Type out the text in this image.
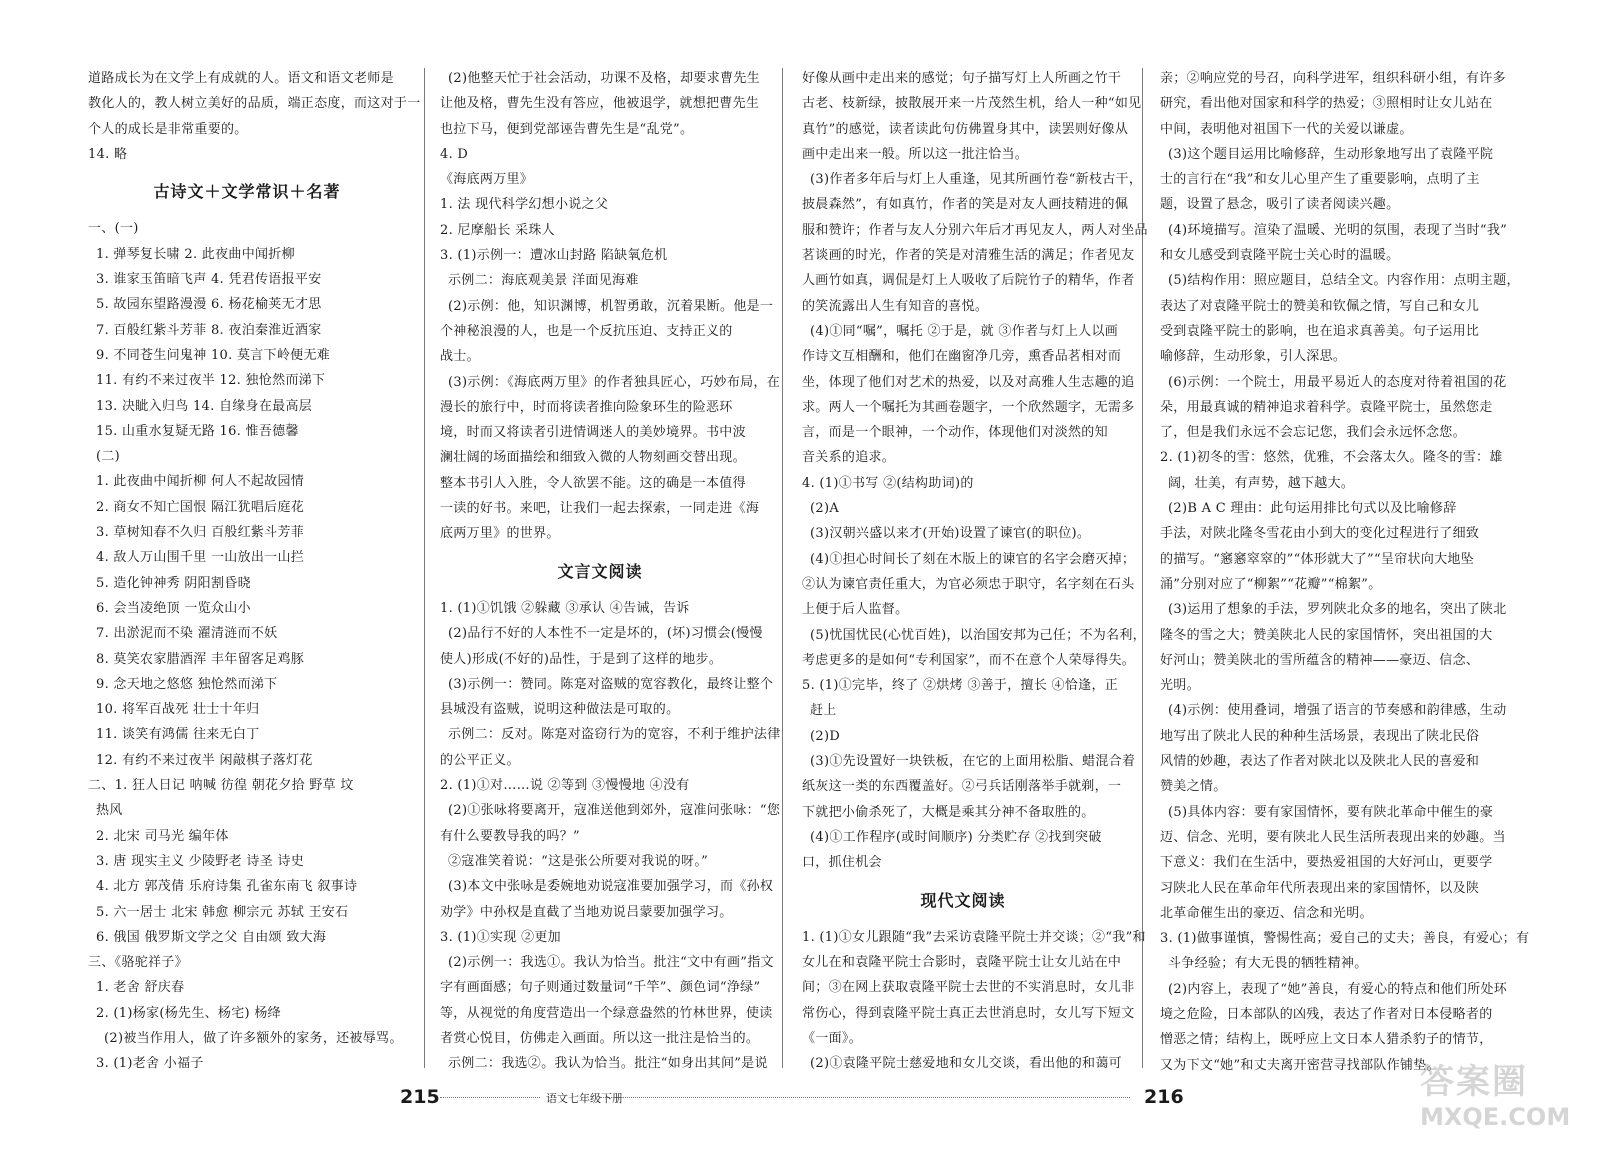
道路成长为在文学上有成就的人。语文和语文老师是
教化人的，教人树立美好的品质，端正态度，而这对于一
个人的成长是非常重要的。
14. 略
古诗文＋文学常识＋名著
一、(一)
1. 弹琴复长啸 2. 此夜曲中闻折柳
3. 谁家玉笛暗飞声 4. 凭君传语报平安
5. 故园东望路漫漫 6. 杨花榆荚无才思
7. 百般红紫斗芳菲 8. 夜泊秦淮近酒家
9. 不同苍生问鬼神 10. 莫言下岭便无难
11. 有约不来过夜半 12. 独怆然而涕下
13. 决眦入归鸟 14. 自缘身在最高层
15. 山重水复疑无路 16. 惟吾德馨
(二)
1. 此夜曲中闻折柳 何人不起故园情
2. 商女不知亡国恨 隔江犹唱后庭花
3. 草树知春不久归 百般红紫斗芳菲
4. 敌人万山围千里 一山放出一山拦
5. 造化钟神秀 阴阳割昏晓
6. 会当凌绝顶 一览众山小
7. 出淤泥而不染 濯清涟而不妖
8. 莫笑农家腊酒浑 丰年留客足鸡豚
9. 念天地之悠悠 独怆然而涕下
10. 将军百战死 壮士十年归
11. 谈笑有鸿儒 往来无白丁
12. 有约不来过夜半 闲敲棋子落灯花
二、1. 狂人日记 呐喊 彷徨 朝花夕拾 野草 坟
热风
2. 北宋 司马光 编年体
3. 唐 现实主义 少陵野老 诗圣 诗史
4. 北方 郭茂倩 乐府诗集 孔雀东南飞 叙事诗
5. 六一居士 北宋 韩愈 柳宗元 苏轼 王安石
6. 俄国 俄罗斯文学之父 自由颂 致大海
三、《骆驼祥子》
1. 老舍 舒庆春
2. (1)杨家(杨先生、杨宅) 杨绛
(2)被当作用人，做了许多额外的家务，还被辱骂。
3. (1)老舍 小福子
(2)他整天忙于社会活动，功课不及格，却要求曹先生
让他及格，曹先生没有答应，他被退学，就想把曹先生
也拉下马，便到党部诬告曹先生是“乱党”。
4. D
《海底两万里》
1. 法 现代科学幻想小说之父
2. 尼摩船长 采珠人
3. (1)示例一：遭冰山封路 陷缺氧危机
示例二：海底观美景 洋面见海难
(2)示例：他，知识渊博，机智勇敢，沉着果断。他是一
个神秘浪漫的人，也是一个反抗压迫、支持正义的
战士。
(3)示例：《海底两万里》的作者独具匠心，巧妙布局，在
漫长的旅行中，时而将读者推向险象环生的险恶环
境，时而又将读者引进情调迷人的美妙境界。书中波
澜壮阔的场面描绘和细致入微的人物刻画交替出现。
整本书引人入胜，令人欲罢不能。这的确是一本值得
一读的好书。来吧，让我们一起去探索，一同走进《海
底两万里》的世界。
文言文阅读
1. (1)①饥饿 ②躲藏 ③承认 ④告诫，告诉
(2)品行不好的人本性不一定是坏的，(坏)习惯会(慢慢
使人)形成(不好的)品性，于是到了这样的地步。
(3)示例一：赞同。陈寔对盗贼的宽容教化，最终让整个
县城没有盗贼，说明这种做法是可取的。
示例二：反对。陈寔对盗窃行为的宽容，不利于维护法律
的公平正义。
2. (1)①对……说 ②等到 ③慢慢地 ④没有
(2)①张咏将要离开，寇准送他到郊外，寇准问张咏：“您
有什么要教导我的吗？”
②寇准笑着说：“这是张公所要对我说的呀。”
(3)本文中张咏是委婉地劝说寇准要加强学习，而《孙权
劝学》中孙权是直截了当地劝说吕蒙要加强学习。
3. (1)①实现 ②更加
(2)示例一：我选①。我认为恰当。批注“文中有画”指文
字有画面感；句子则通过数量词“千竿”、颜色词“浄绿”
等，从视觉的角度营造出一个绿意盎然的竹林世界，使读
者赏心悦目，仿佛走入画面。所以这一批注是恰当的。
示例二：我选②。我认为恰当。批注“如身出其间”是说
好像从画中走出来的感觉；句子描写灯上人所画之竹干
古老、枝新绿，披散展开来一片茂然生机，给人一种“如见
真竹”的感觉，读者读此句仿佛置身其中，读罢则好像从
画中走出来一般。所以这一批注恰当。
(3)作者多年后与灯上人重逢，见其所画竹卷“新枝古干，
披晨森然”，有如真竹，作者的笑是对友人画技精进的佩
服和赞许；作者与友人分别六年后才再见友人，两人对坐品
茗谈画的时光，作者的笑是对清雅生活的满足；作者见友
人画竹如真，调侃是灯上人吸收了后院竹子的精华，作者
的笑流露出人生有知音的喜悦。
(4)①同“嘱”，嘱托 ②于是，就 ③作者与灯上人以画
作诗文互相酬和，他们在幽窗净几旁，熏香品茗相对而
坐，体现了他们对艺术的热爱，以及对高雅人生志趣的追
求。两人一个嘱托为其画卷题字，一个欣然题字，无需多
言，而是一个眼神，一个动作，体现他们对淡然的知
音关系的追求。
4. (1)①书写 ②(结构助词)的
(2)A
(3)汉朝兴盛以来才(开始)设置了谏官(的职位)。
(4)①担心时间长了刻在木版上的谏官的名字会磨灭掉；
②认为谏官责任重大，为官必须忠于职守，名字刻在石头
上便于后人监督。
(5)忧国忧民(心忧百姓)，以治国安邦为己任；不为名利，
考虑更多的是如何“专利国家”，而不在意个人荣辱得失。
5. (1)①完毕，终了 ②烘烤 ③善于，擅长 ④恰逢，正
赶上
(2)D
(3)①先设置好一块铁板，在它的上面用松脂、蜡混合着
纸灰这一类的东西覆盖好。②弓兵话刚落举手就剃，一
下就把小偷杀死了，大概是乘其分神不备取胜的。
(4)①工作程序(或时间顺序) 分类贮存 ②找到突破
口，抓住机会
现代文阅读
1. (1)①女儿跟随“我”去采访袁隆平院士并交谈；②“我”和
女儿在和袁隆平院士合影时，袁隆平院士让女儿站在中
间；③在网上获取袁隆平院士去世的不实消息时，女儿非
常伤心，得到袁隆平院士真正去世消息时，女儿写下短文
《一面》。
(2)①袁隆平院士慈爱地和女儿交谈，看出他的和蔼可
亲；②响应党的号召，向科学进军，组织科研小组，有许多
研究，看出他对国家和科学的热爱；③照相时让女儿站在
中间，表明他对祖国下一代的关爱以谦虚。
(3)这个题目运用比喻修辞，生动形象地写出了袁隆平院
士的言行在“我”和女儿心里产生了重要影响，点明了主
题，设置了悬念，吸引了读者阅读兴趣。
(4)环境描写。渲染了温暖、光明的氛围，表现了当时“我”
和女儿感受到袁隆平院士关心时的温暖。
(5)结构作用：照应题目，总结全文。内容作用：点明主题，
表达了对袁隆平院士的赞美和钦佩之情，写自己和女儿
受到袁隆平院士的影响，也在追求真善美。句子运用比
喻修辞，生动形象，引人深思。
(6)示例：一个院士，用最平易近人的态度对待着祖国的花
朵，用最真诚的精神追求着科学。袁隆平院士，虽然您走
了，但是我们永远不会忘记您，我们会永远怀念您。
2. (1)初冬的雪：悠然，优雅，不会落太久。隆冬的雪：雄
阔，壮美，有声势，越下越大。
(2)B A C 理由：此句运用排比句式以及比喻修辞
手法，对陕北隆冬雪花由小到大的变化过程进行了细致
的描写。“窸窸窣窣的”“体形就大了”“呈帘状向大地坠
涌”分别对应了“柳絮”“花瓣”“棉絮”。
(3)运用了想象的手法，罗列陕北众多的地名，突出了陕北
隆冬的雪之大；赞美陕北人民的家国情怀，突出祖国的大
好河山；赞美陕北的雪所蕴含的精神——豪迈、信念、
光明。
(4)示例：使用叠词，增强了语言的节奏感和韵律感，生动
地写出了陕北人民的种种生活场景，表现出了陕北民俗
风情的妙趣，表达了作者对陕北以及陕北人民的喜爱和
赞美之情。
(5)具体内容：要有家国情怀，要有陕北革命中催生的豪
迈、信念、光明，要有陕北人民生活所表现出来的妙趣。当
下意义：我们在生活中，要热爱祖国的大好河山，更要学
习陕北人民在革命年代所表现出来的家国情怀，以及陕
北革命催生出的豪迈、信念和光明。
3. (1)做事谨慎，警惕性高；爱自己的丈夫；善良，有爱心；有
斗争经验；有大无畏的牺牲精神。
(2)内容上，表现了“她”善良，有爱心的特点和他们所处环
境之危险，日本部队的凶残，表达了作者对日本侵略者的
憎恶之情；结构上，既呼应上文日本人猎杀豹子的情节，
又为下文“她”和丈夫离开密营寻找部队作铺垫。
215	语文七年级下册	216	答案圈
MXQE.COM
